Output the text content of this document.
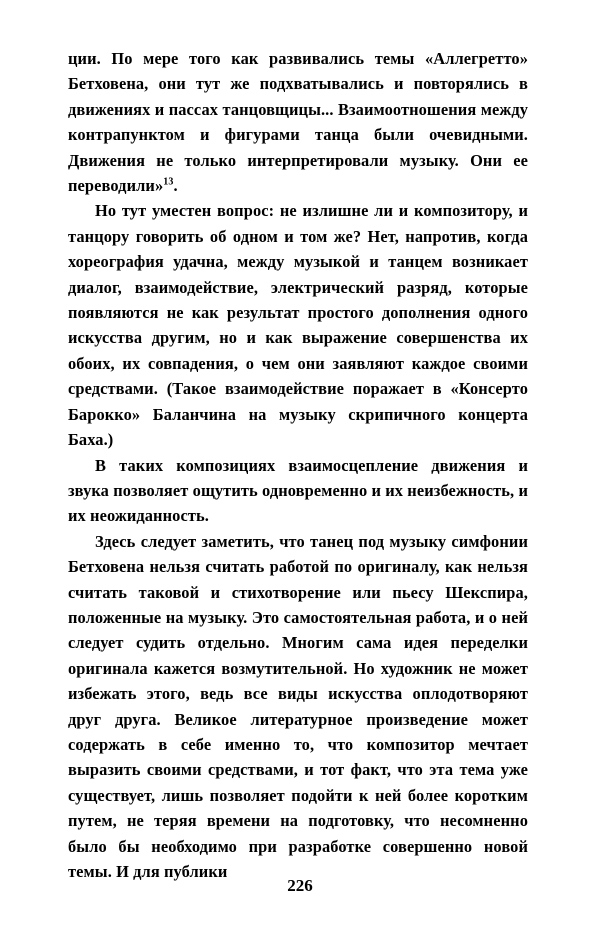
ции. По мере того как развивались темы «Аллегретто» Бетховена, они тут же подхватывались и повторялись в движениях и пассах танцовщицы... Взаимоотношения между контрапунктом и фигурами танца были очевидными. Движения не только интерпретировали музыку. Они ее переводили»$^{13}$.

Но тут уместен вопрос: не излишне ли и композитору, и танцору говорить об одном и том же? Нет, напротив, когда хореография удачна, между музыкой и танцем возникает диалог, взаимодействие, электрический разряд, которые появляются не как результат простого дополнения одного искусства другим, но и как выражение совершенства их обоих, их совпадения, о чем они заявляют каждое своими средствами. (Такое взаимодействие поражает в «Консерто Барокко» Баланчина на музыку скрипичного концерта Баха.)

В таких композициях взаимосцепление движения и звука позволяет ощутить одновременно и их неизбежность, и их неожиданность.

Здесь следует заметить, что танец под музыку симфонии Бетховена нельзя считать работой по оригиналу, как нельзя считать таковой и стихотворение или пьесу Шекспира, положенные на музыку. Это самостоятельная работа, и о ней следует судить отдельно. Многим сама идея переделки оригинала кажется возмутительной. Но художник не может избежать этого, ведь все виды искусства оплодотворяют друг друга. Великое литературное произведение может содержать в себе именно то, что композитор мечтает выразить своими средствами, и тот факт, что эта тема уже существует, лишь позволяет подойти к ней более коротким путем, не теряя времени на подготовку, что несомненно было бы необходимо при разработке совершенно новой темы. И для публики

226
